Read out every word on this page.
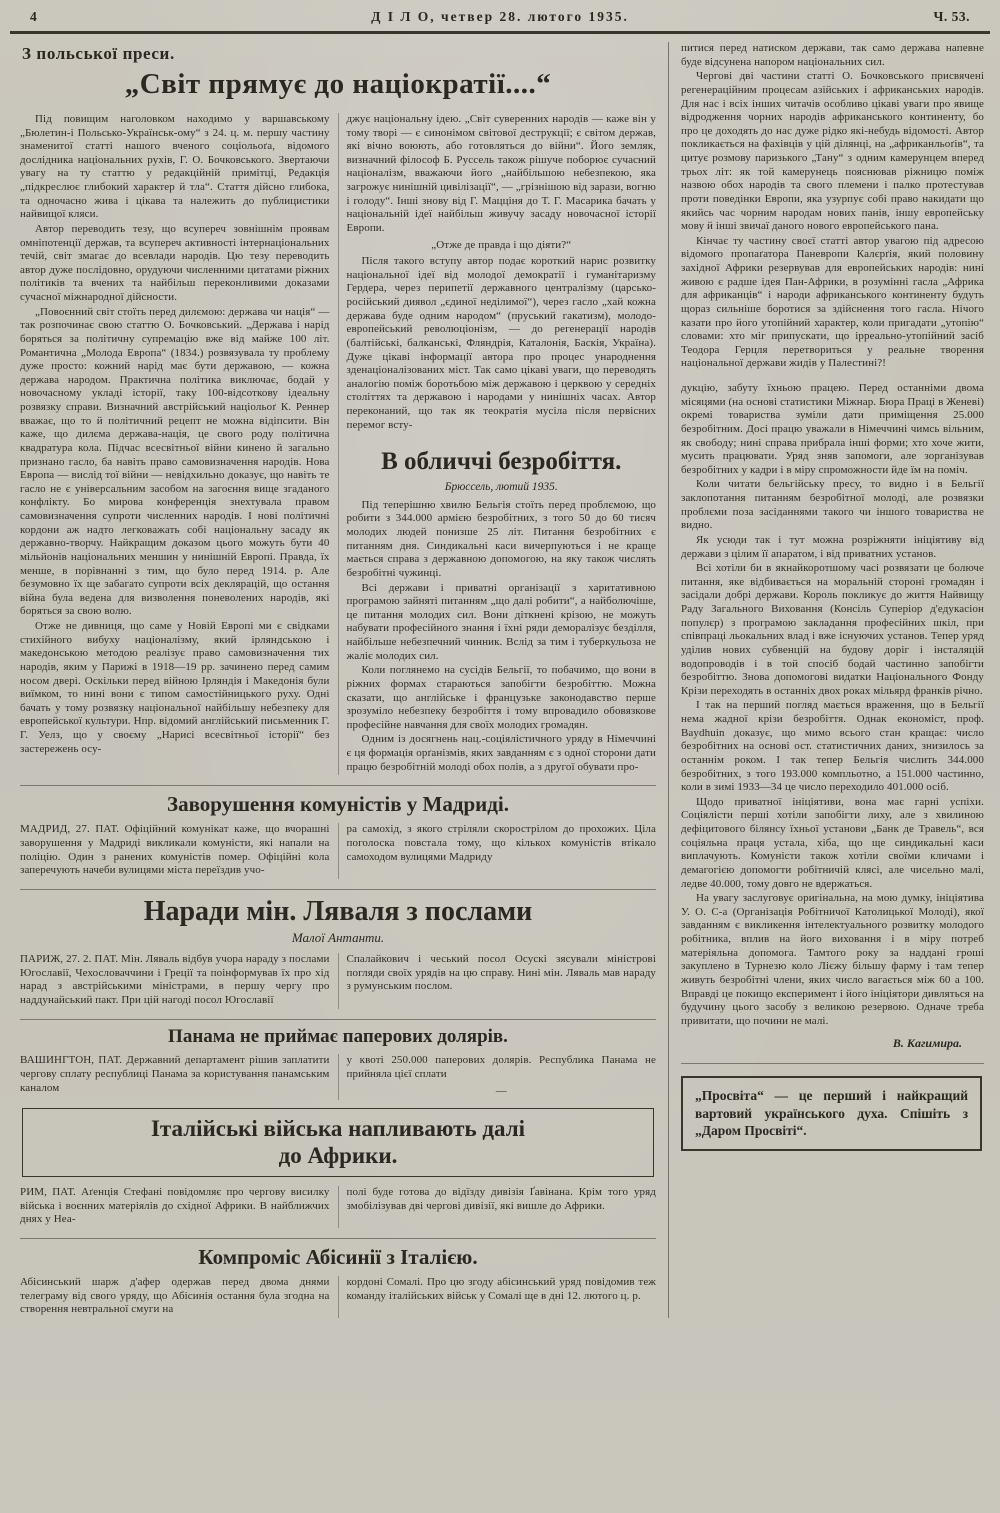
4	Д І Л О, четвер 28. лютого 1935.	Ч. 53.
З польської преси.
„Світ прямує до націократії....“

Під повищим наголовком находимо у варшавському „Бюлетин-і Польсько-Українськ-ому“ з 24. ц. м. першу частину знаменитої статті нашого вченого соціольоґа, відомого дослідника національних рухів, Г. О. Бочковського. Звертаючи увагу на ту статтю у редакційній примітці, Редакція „підкреслює глибокий характер й тла“. Стаття дійсно глибока, та одночасно жива і цікава та належить до публицистики найвищої кляси.

Автор переводить тезу, що всупереч зовнішнім проявам омніпотенції держав, та всупереч активності інтернаціональних течій, світ змагає до всевлади народів. Цю тезу переводить автор дуже послідовно, орудуючи численними цитатами ріжних політиків та вчених та найбільш переконливими доказами сучасної міжнародної дійсности.

„Повоєнний світ стоїть перед дилємою: держава чи нація“ — так розпочинає свою статтю О. Бочковський. „Держава і нарід боряться за політичну супремацію вже від майже 100 літ. Романтична „Молода Европа“ (1834.) розвязувала ту проблему дуже просто: кожний нарід має бути державою, — кожна держава народом. Практична політика виключає, бодай у новочасному укладі історії, таку 100-відсоткову ідеальну розвязку справи. Визначний австрійський націольоґ К. Реннер вважає, що то й політичний рецепт не можна відіпсити. Він каже, що дилєма держава-нація, це свого роду політична квадратура кола. Підчас всесвітньої війни кинено й загально признано гасло, ба навіть право самовизначення народів. Нова Европа — вислід тої війни — невідхильно доказує, що навіть те гасло не є універсальним засобом на загоєння вище згаданого конфлікту. Бо мирова конференція знехтувала правом самовизначення супроти численних народів. І нові політичні кордони аж надто легковажать собі національну засаду як державно-творчу. Найкращим доказом цього можуть бути 40 мільйонів національних меншин у нинішній Европі. Правда, їх менше, в порівнанні з тим, що було перед 1914. р. Але безумовно їх ще забагато супроти всіх деклярацій, що остання війна була ведена для визволення поневолених народів, які боряться за свою волю.

Отже не дивниця, що саме у Новій Европі ми є свідками стихійного вибуху націоналізму, який ірляндською і македонською методою реалізує право самовизначення тих народів, яким у Парижі в 1918—19 рр. зачинено перед самим носом двері. Оскільки перед війною Ірляндія і Македонія були виїмком, то нині вони є типом самостійницького руху. Одні бачать у тому розвязку національної найбільшу небезпеку для европейської культури. Нпр. відомий англійський письменник Г. Г. Уелз, що у своєму „Нарисі всесвітньої історії“ без застережень осу-

джує національну ідею. „Світ суверенних народів — каже він у тому творі — є синонімом світової деструкції; є світом держав, які вічно воюють, або готовляться до війни“. Його земляк, визначний філософ Б. Руссель також рішуче поборює сучасний націоналізм, вважаючи його „найбільшою небезпекою, яка загрожує нинішній цивілізації“, — „грізнішою від зарази, вогню і голоду“. Інші знову від Г. Мацціня до Т. Г. Масарика бачать у національній ідеї найбільш живучу засаду новочасної історії Европи.

„Отже де правда і що діяти?“

Після такого вступу автор подає короткий нарис розвитку національної ідеї від молодої демократії і гуманітаризму Гердера, через перипетії державного централізму (царсько-російський диявол „єдиної неділимої“), через гасло „хай кожна держава буде одним народом“ (пруський гакатизм), молодо-европейський революціонізм, — до регенерації народів (балтійські, балканські, Фляндрія, Каталонія, Баскія, Україна). Дуже цікаві інформації автора про процес ународнення зденаціоналізованих міст. Так само цікаві уваги, що переводять аналогію поміж боротьбою між державою і церквою у середніх століттях та державою і народами у нинішніх часах. Автор переконаний, що так як теократія мусіла після первісних перемог всту-

В обличчі безробіття.
Брюссель, лютий 1935.

Під теперішню хвилю Бельгія стоїть перед проблємою, що робити з 344.000 армією безробітних, з того 50 до 60 тисяч молодих людей понизше 25 літ. Питання безробітних є питанням дня. Синдикальні каси вичерпуються і не краще мається справа з державною допомогою, на яку також числять безробітні чужинці.

Всі держави і приватні організації з харитативною програмою зайняті питанням „що далі робити“, а найболючіше, це питання молодих сил. Вони діткнені крізою, не можуть набувати професійного знання і їхні ряди деморалізує безділля, найбільше небезпечний чинник. Вслід за тим і туберкульоза не жаліє молодих сил.

Коли поглянемо на сусідів Бельгії, то побачимо, що вони в ріжних формах стараються запобігти безробіттю. Можна сказати, що англійське і французьке законодавство перше зрозуміло небезпеку безробіття і тому впровадило обовязкове професійне навчання для своїх молодих громадян.

Одним із досягнень нац.-соціялістичного уряду в Німеччині є ця формація орґанізмів, яких завданням є з одної сторони дати працю безробітній молоді обох полів, а з другої обувати про-

Заворушення комуністів у Мадриді.

МАДРИД, 27. ПАТ. Офіційний комунікат каже, що вчорашні заворушення у Мадриді викликали комуністи, які напали на поліцію. Один з ранених комуністів помер. Офіційні кола заперечують начеби вулицями міста переїздив учо-

ра самохід, з якого стріляли скорострілом до прохожих. Ціла поголоска повстала тому, що кількох комуністів втікало самоходом вулицями Мадриду

Наради мін. Ляваля з послами
Малої Антанти.

ПАРИЖ, 27. 2. ПАТ. Мін. Ляваль відбув учора нараду з послами Югославії, Чехословаччини і Греції та поінформував їх про хід нарад з австрійськими міністрами, в першу чергу про наддунайський пакт. При цій нагоді посол Югославії

Спалайкович і чеський посол Осускі зясували міністрові погляди своїх урядів на цю справу. Нині мін. Ляваль мав нараду з румунським послом.

Панама не приймає паперових долярів.

ВАШИНГТОН, ПАТ. Державний департамент рішив заплатити чергову сплату республиці Панама за користування панамським каналом

у квоті 250.000 паперових долярів. Республика Панама не прийняла цієї сплати

—
Італійські війська напливають далі
до Африки.

РИМ, ПАТ. Аґенція Стефані повідомляє про чергову висилку війська і воєнних матеріялів до східної Африки. В найближчих днях у Неа-

полі буде готова до відїзду дивізія Ґавінана. Крім того уряд змобілізував дві чергові дивізії, які вишле до Африки.

Компроміс Абісинії з Італією.

Абісинський шарж д'афер одержав перед двома днями телеграму від свого уряду, що Абісинія остання була згодна на створення невтральної смуги на

кордоні Сомалі. Про цю згоду абісинський уряд повідомив теж команду італійських військ у Сомалі ще в дні 12. лютого ц. р.

питися перед натиском держави, так само держава напевне буде відсунена напором національних сил.

Чергові дві частини статті О. Бочковського присвячені регенераційним процесам азійських і африканських народів. Для нас і всіх інших читачів особливо цікаві уваги про явище відродження чорних народів африканського континенту, бо про це доходять до нас дуже рідко які-небудь відомості. Автор покликається на фахівців у цій ділянці, на „африканльоґів“, та цитує розмову паризького „Тану“ з одним камерунцем вперед трьох літ: як той камерунець пояснював ріжницю поміж назвою обох народів та свого племени і палко протестував проти поведінки Европи, яка узурпує собі право накидати що якийсь час чорним народам нових панів, іншу европейську мову й інші звичаї даного нового европейського пана.

Кінчає ту частину своєї статті автор увагою під адресою відомого пропаґатора Паневропи Калєрґія, який половину західної Африки резервував для европейських народів: нині живою є радше ідея Пан-Африки, в розумінні гасла „Африка для африканців“ і народи африканського континенту будуть щораз сильніше боротися за здійснення того гасла. Нічого казати про його утопійний характер, коли пригадати „утопію“ словами: хто міг припускати, що ірреально-утопійний засіб Теодора Герцля перетвориться у реальне творення національної держави жидів у Палестині?!

дукцію, забуту їхньою працею. Перед останніми двома місяцями (на основі статистики Міжнар. Бюра Праці в Женеві) окремі товариства зуміли дати приміщення 25.000 безробітним. Досі працю уважали в Німеччині чимсь вільним, як свободу; нині справа прибрала інші форми; хто хоче жити, мусить працювати. Уряд зняв запомоги, але зорганізував безробітних у кадри і в міру спроможности йде їм на поміч.

Коли читати бельгійську пресу, то видно і в Бельгії заклопотання питанням безробітної молоді, але розвязки проблєми поза засіданнями такого чи іншого товариства не видно.

Як усюди так і тут можна розріжняти ініціятиву від держави з цілим її апаратом, і від приватних установ.

Всі хотіли би в якнайкоротшому часі розвязати це болюче питання, яке відбивається на моральній стороні громадян і засідали добрі держави. Король покликує до життя Найвищу Раду Загального Виховання (Консіль Суперіор д'едукасіон популєр) з програмою закладання професійних шкіл, при співпраці льокальних влад і вже існуючих установ. Тепер уряд уділив нових субвенцій на будову доріг і інсталяцій водопроводів і в той спосіб бодай частинно запобігти безробіттю. Знова допомогові видатки Національного Фонду Крізи переходять в останніх двох роках мільярд франків річно.

І так на перший погляд мається враження, що в Бельгії нема жадної крізи безробіття. Однак економіст, проф. Baydhuin доказує, що мимо всього стан кращає: число безробітних на основі ост. статистичних даних, знизилось за останнім роком. І так тепер Бельгія числить 344.000 безробітних, з того 193.000 компльотно, а 151.000 частинно, коли в зимі 1933—34 це число переходило 401.000 осіб.

Щодо приватної ініціятиви, вона має гарні успіхи. Соціялісти перші хотіли запобігти лиху, але з хвилиною дефіцитового білянсу їхньої установи „Банк де Травель“, вся соціяльна праця устала, хіба, що ще синдикальні каси виплачують. Комуністи також хотіли своїми кличами і демагогією допомогти робітничій клясі, але чисельно малі, ледве 40.000, тому довго не вдержаться.

На увагу заслуговує оригінальна, на мою думку, ініціятива У. О. С-а (Організація Робітничої Католицької Молоді), якої завданням є викликення інтелектуального розвитку молодого робітника, вплив на його виховання і в міру потреб матеріяльна допомога. Тамтого року за наддані гроші закуплено в Турнезю коло Лієжу більшу фарму і там тепер живуть безробітні члени, яких число вагається між 60 а 100. Вправді це покищо експеримент і його ініціятори дивляться на будучину цього засобу з великою резервою. Одначе треба привитати, що почини не малі.

В. Кагимира.
„Просвіта“ — це перший і найкращий вартовий українського духа. Спішіть з „Даром Просвіті“.
